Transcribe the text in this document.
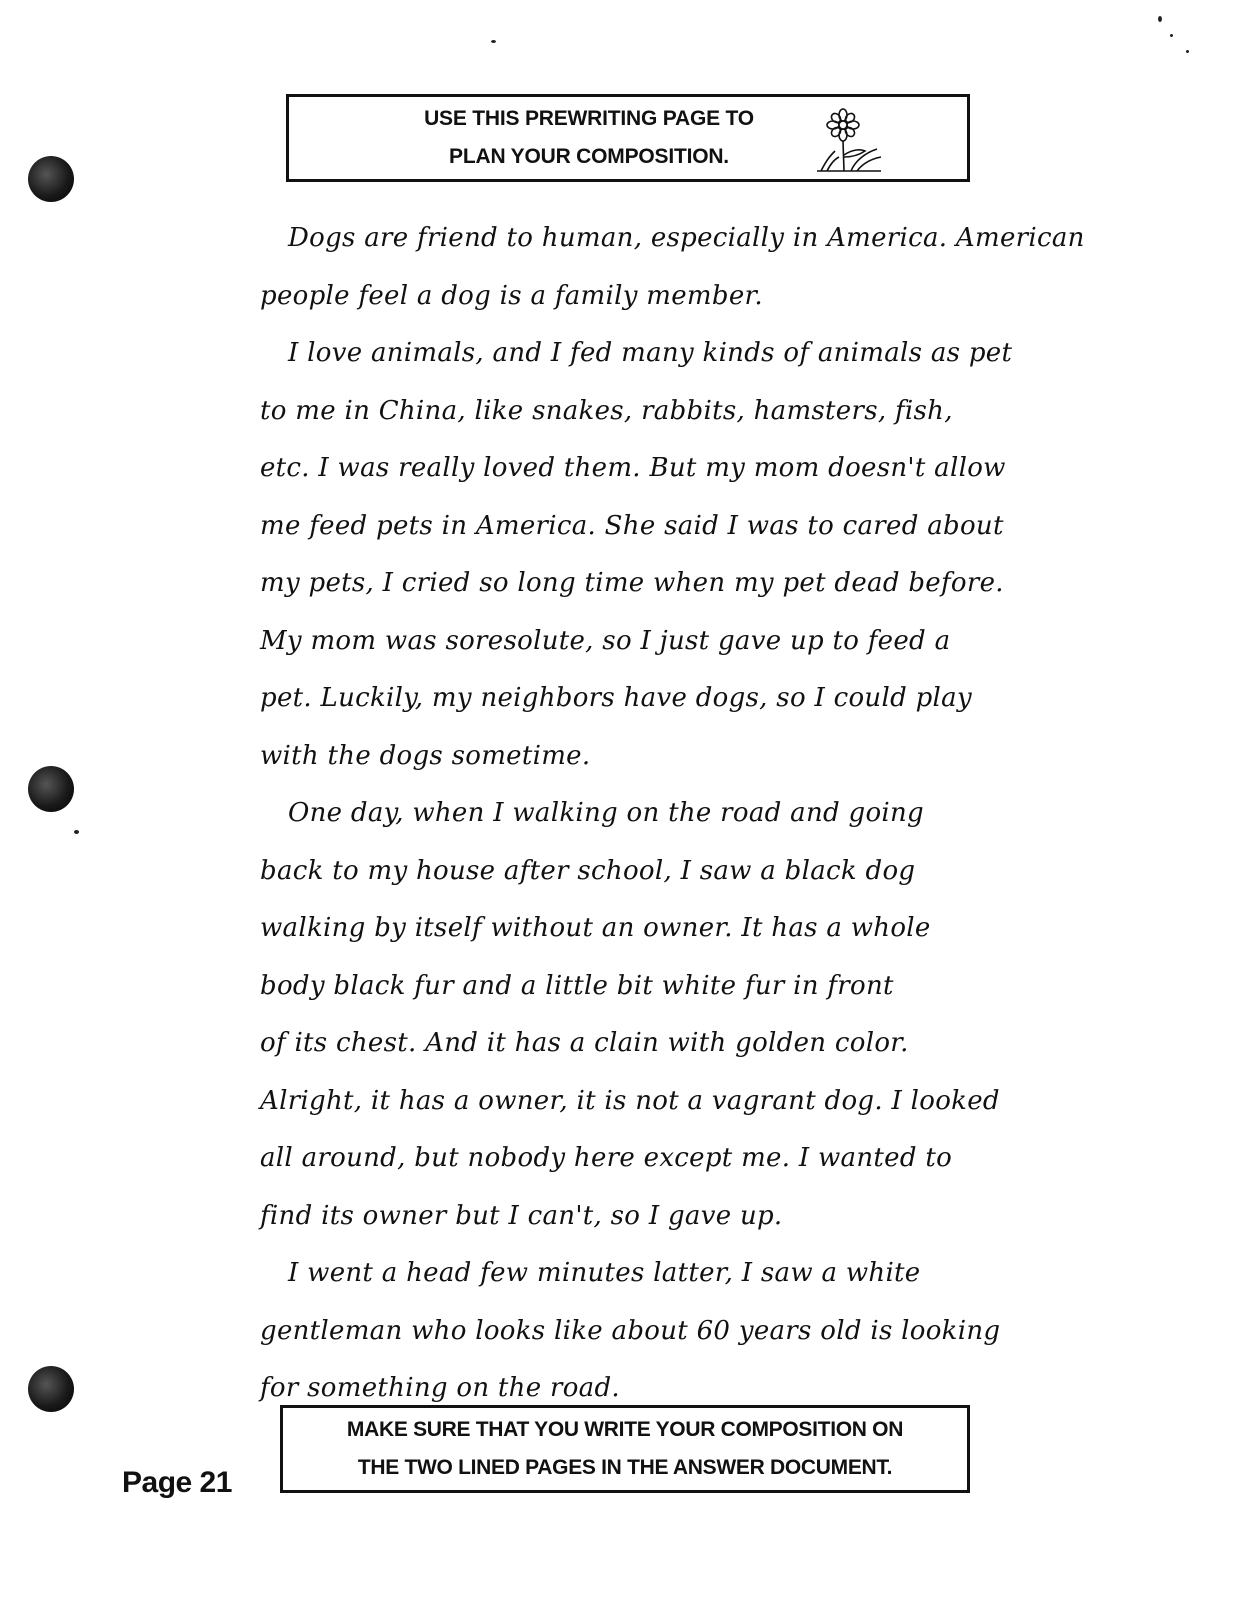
USE THIS PREWRITING PAGE TO
PLAN YOUR COMPOSITION.
Dogs are friend to human, especially in America. American
people feel a dog is a family member.
I love animals, and I fed many kinds of animals as pet
to me in China, like snakes, rabbits, hamsters, fish,
etc. I was really loved them. But my mom doesn't allow
me feed pets in America. She said I was to cared about
my pets, I cried so long time when my pet dead before.
My mom was soresolute, so I just gave up to feed a
pet. Luckily, my neighbors have dogs, so I could play
with the dogs sometime.
One day, when I walking on the road and going
back to my house after school, I saw a black dog
walking by itself without an owner. It has a whole
body black fur and a little bit white fur in front
of its chest. And it has a clain with golden color.
Alright, it has a owner, it is not a vagrant dog. I looked
all around, but nobody here except me. I wanted to
find its owner but I can't, so I gave up.
I went a head few minutes latter, I saw a white
gentleman who looks like about 60 years old is looking
for something on the road.
MAKE SURE THAT YOU WRITE YOUR COMPOSITION ON
THE TWO LINED PAGES IN THE ANSWER DOCUMENT.
Page 21
